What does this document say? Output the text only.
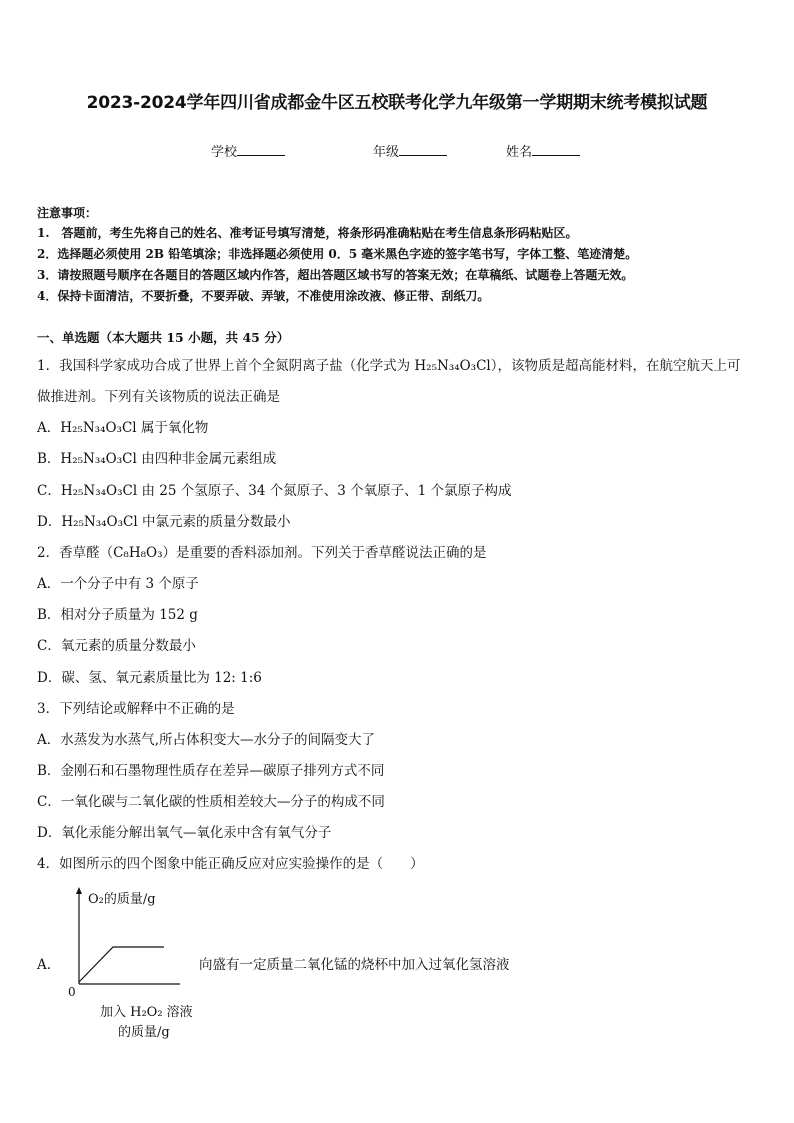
2023-2024学年四川省成都金牛区五校联考化学九年级第一学期期末统考模拟试题
学校	年级	姓名
注意事项：
1.　答题前，考生先将自己的姓名、准考证号填写清楚，将条形码准确粘贴在考生信息条形码粘贴区。
2．选择题必须使用 2B 铅笔填涂；非选择题必须使用 0．5 毫米黑色字迹的签字笔书写，字体工整、笔迹清楚。
3．请按照题号顺序在各题目的答题区域内作答，超出答题区域书写的答案无效；在草稿纸、试题卷上答题无效。
4．保持卡面清洁，不要折叠，不要弄破、弄皱，不准使用涂改液、修正带、刮纸刀。
一、单选题（本大题共 15 小题，共 45 分）
1．我国科学家成功合成了世界上首个全氮阴离子盐（化学式为 H₂₅N₃₄O₃Cl），该物质是超高能材料，在航空航天上可
做推进剂。下列有关该物质的说法正确是
A．H₂₅N₃₄O₃Cl 属于氧化物
B．H₂₅N₃₄O₃Cl 由四种非金属元素组成
C．H₂₅N₃₄O₃Cl 由 25 个氢原子、34 个氮原子、3 个氧原子、1 个氯原子构成
D．H₂₅N₃₄O₃Cl 中氯元素的质量分数最小
2．香草醛（C₈H₈O₃）是重要的香料添加剂。下列关于香草醛说法正确的是
A．一个分子中有 3 个原子
B．相对分子质量为 152 g
C．氧元素的质量分数最小
D．碳、氢、氧元素质量比为 12: 1:6
3．下列结论或解释中不正确的是
A．水蒸发为水蒸气,所占体积变大—水分子的间隔变大了
B．金刚石和石墨物理性质存在差异—碳原子排列方式不同
C．一氧化碳与二氧化碳的性质相差较大—分子的构成不同
D．氧化汞能分解出氧气—氧化汞中含有氧气分子
4．如图所示的四个图象中能正确反应对应实验操作的是（　　）
A．
O₂的质量/g
0
加入 H₂O₂ 溶液
的质量/g
向盛有一定质量二氧化锰的烧杯中加入过氧化氢溶液
